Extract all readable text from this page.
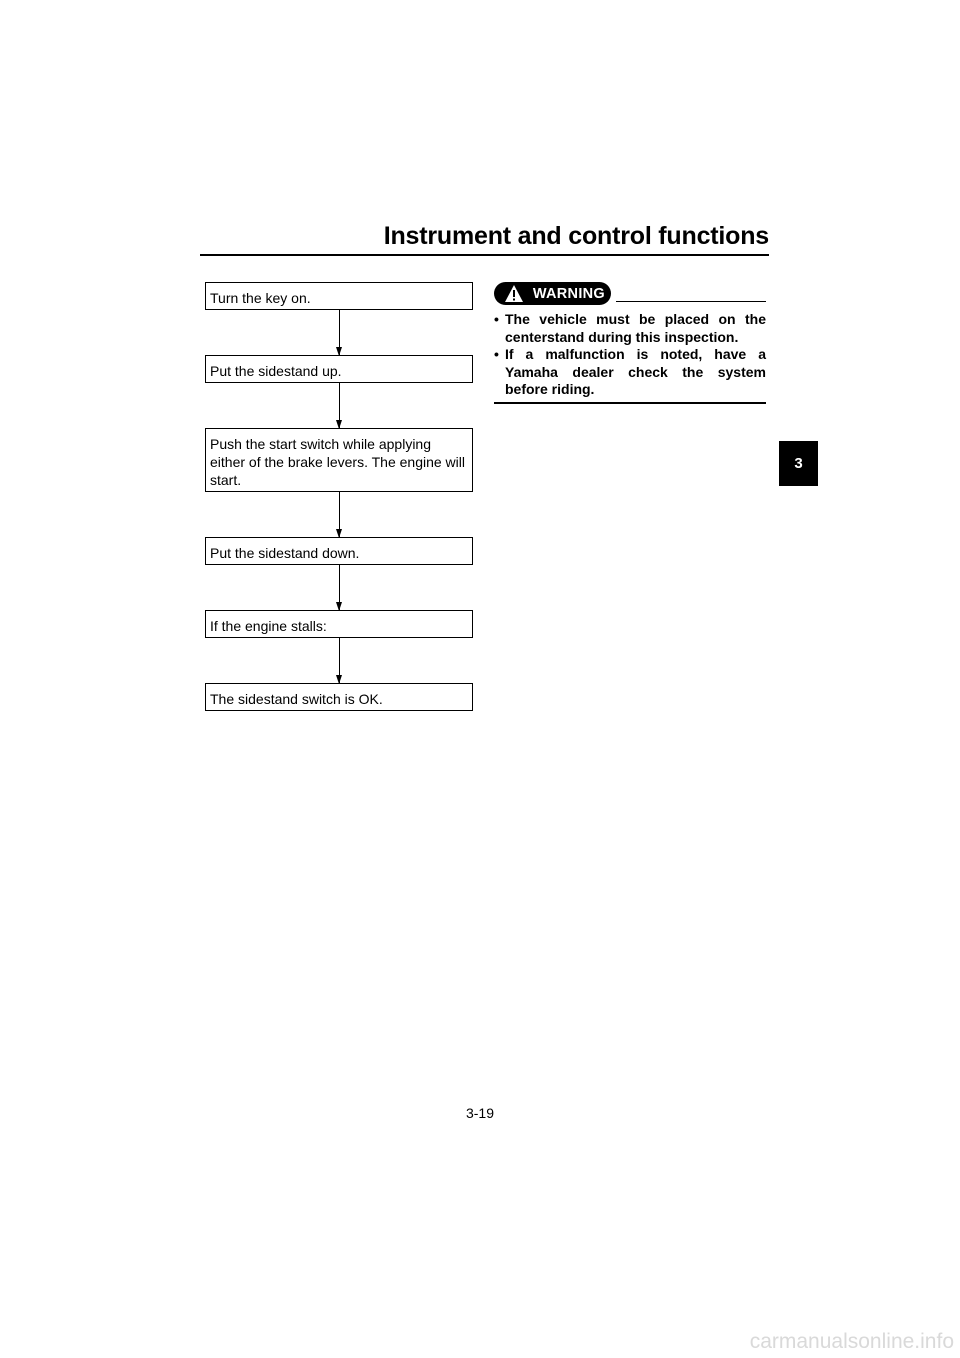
Instrument and control functions
Turn the key on.
Put the sidestand up.
Push the start switch while applying either of the brake levers. The engine will start.
Put the sidestand down.
If the engine stalls:
The sidestand switch is OK.
WARNING
• The vehicle must be placed on the centerstand during this inspection.
• If a malfunction is noted, have a Yamaha dealer check the system before riding.
3
3-19
carmanualsonline.info
